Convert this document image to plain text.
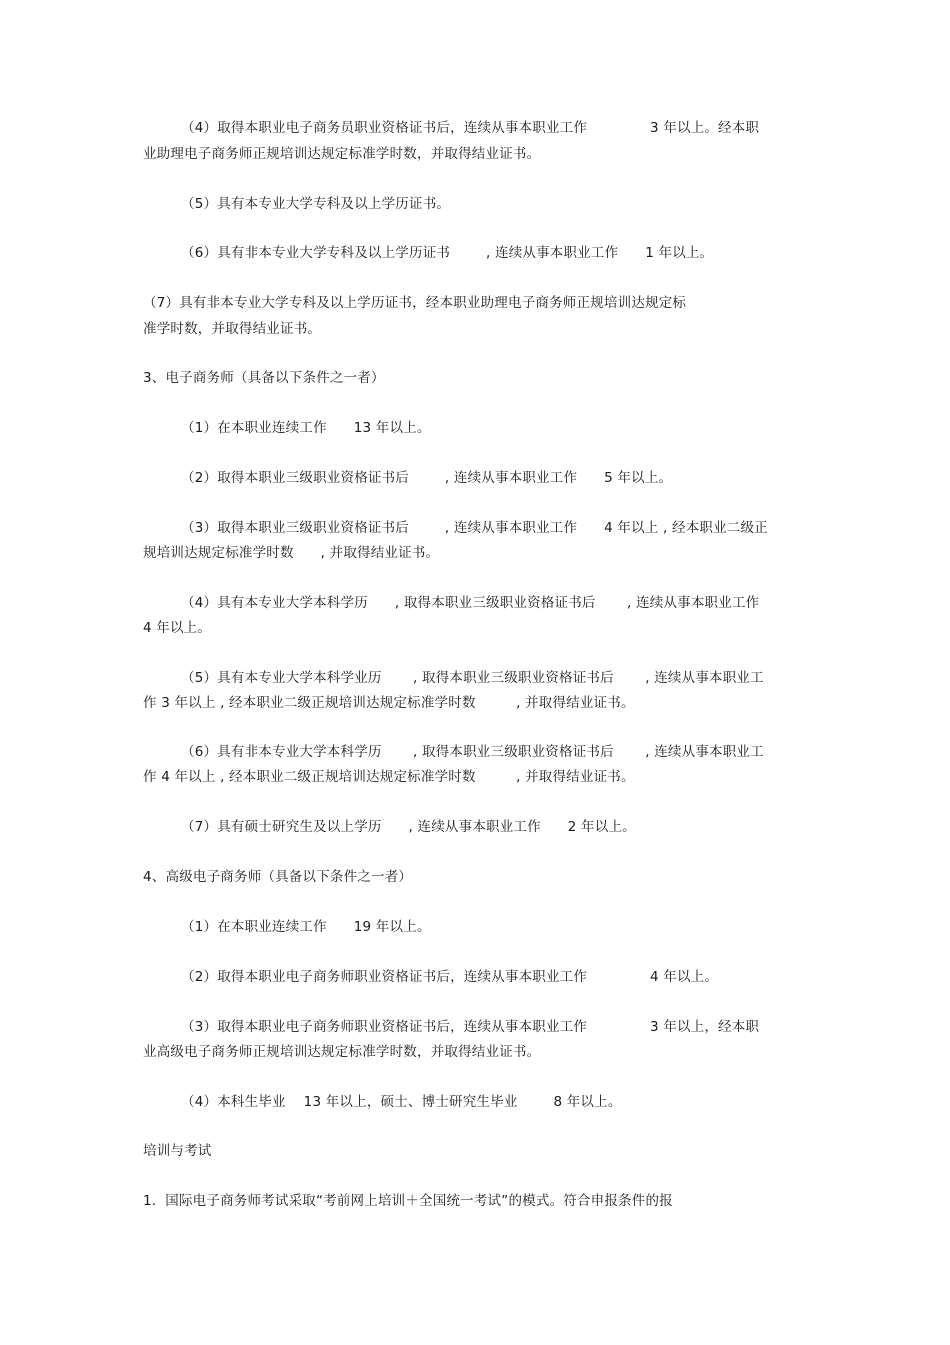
（4）取得本职业电子商务员职业资格证书后，连续从事本职业工作              3 年以上。经本职
业助理电子商务师正规培训达规定标准学时数，并取得结业证书。
（5）具有本专业大学专科及以上学历证书。
（6）具有非本专业大学专科及以上学历证书        , 连续从事本职业工作      1 年以上。
（7）具有非本专业大学专科及以上学历证书，经本职业助理电子商务师正规培训达规定标
准学时数，并取得结业证书。
3、电子商务师（具备以下条件之一者）
（1）在本职业连续工作      13 年以上。
（2）取得本职业三级职业资格证书后        , 连续从事本职业工作      5 年以上。
（3）取得本职业三级职业资格证书后        , 连续从事本职业工作      4 年以上 , 经本职业二级正
规培训达规定标准学时数      , 并取得结业证书。
（4）具有本专业大学本科学历      , 取得本职业三级职业资格证书后       , 连续从事本职业工作
4 年以上。
（5）具有本专业大学本科学业历       , 取得本职业三级职业资格证书后       , 连续从事本职业工
作 3 年以上 , 经本职业二级正规培训达规定标准学时数         , 并取得结业证书。
（6）具有非本专业大学本科学历       , 取得本职业三级职业资格证书后       , 连续从事本职业工
作 4 年以上 , 经本职业二级正规培训达规定标准学时数         , 并取得结业证书。
（7）具有硕士研究生及以上学历      , 连续从事本职业工作      2 年以上。
4、高级电子商务师（具备以下条件之一者）
（1）在本职业连续工作      19 年以上。
（2）取得本职业电子商务师职业资格证书后，连续从事本职业工作              4 年以上。
（3）取得本职业电子商务师职业资格证书后，连续从事本职业工作              3 年以上，经本职
业高级电子商务师正规培训达规定标准学时数，并取得结业证书。
（4）本科生毕业    13 年以上，硕士、博士研究生毕业        8 年以上。
培训与考试
1.  国际电子商务师考试采取“考前网上培训＋全国统一考试”的模式。符合申报条件的报
